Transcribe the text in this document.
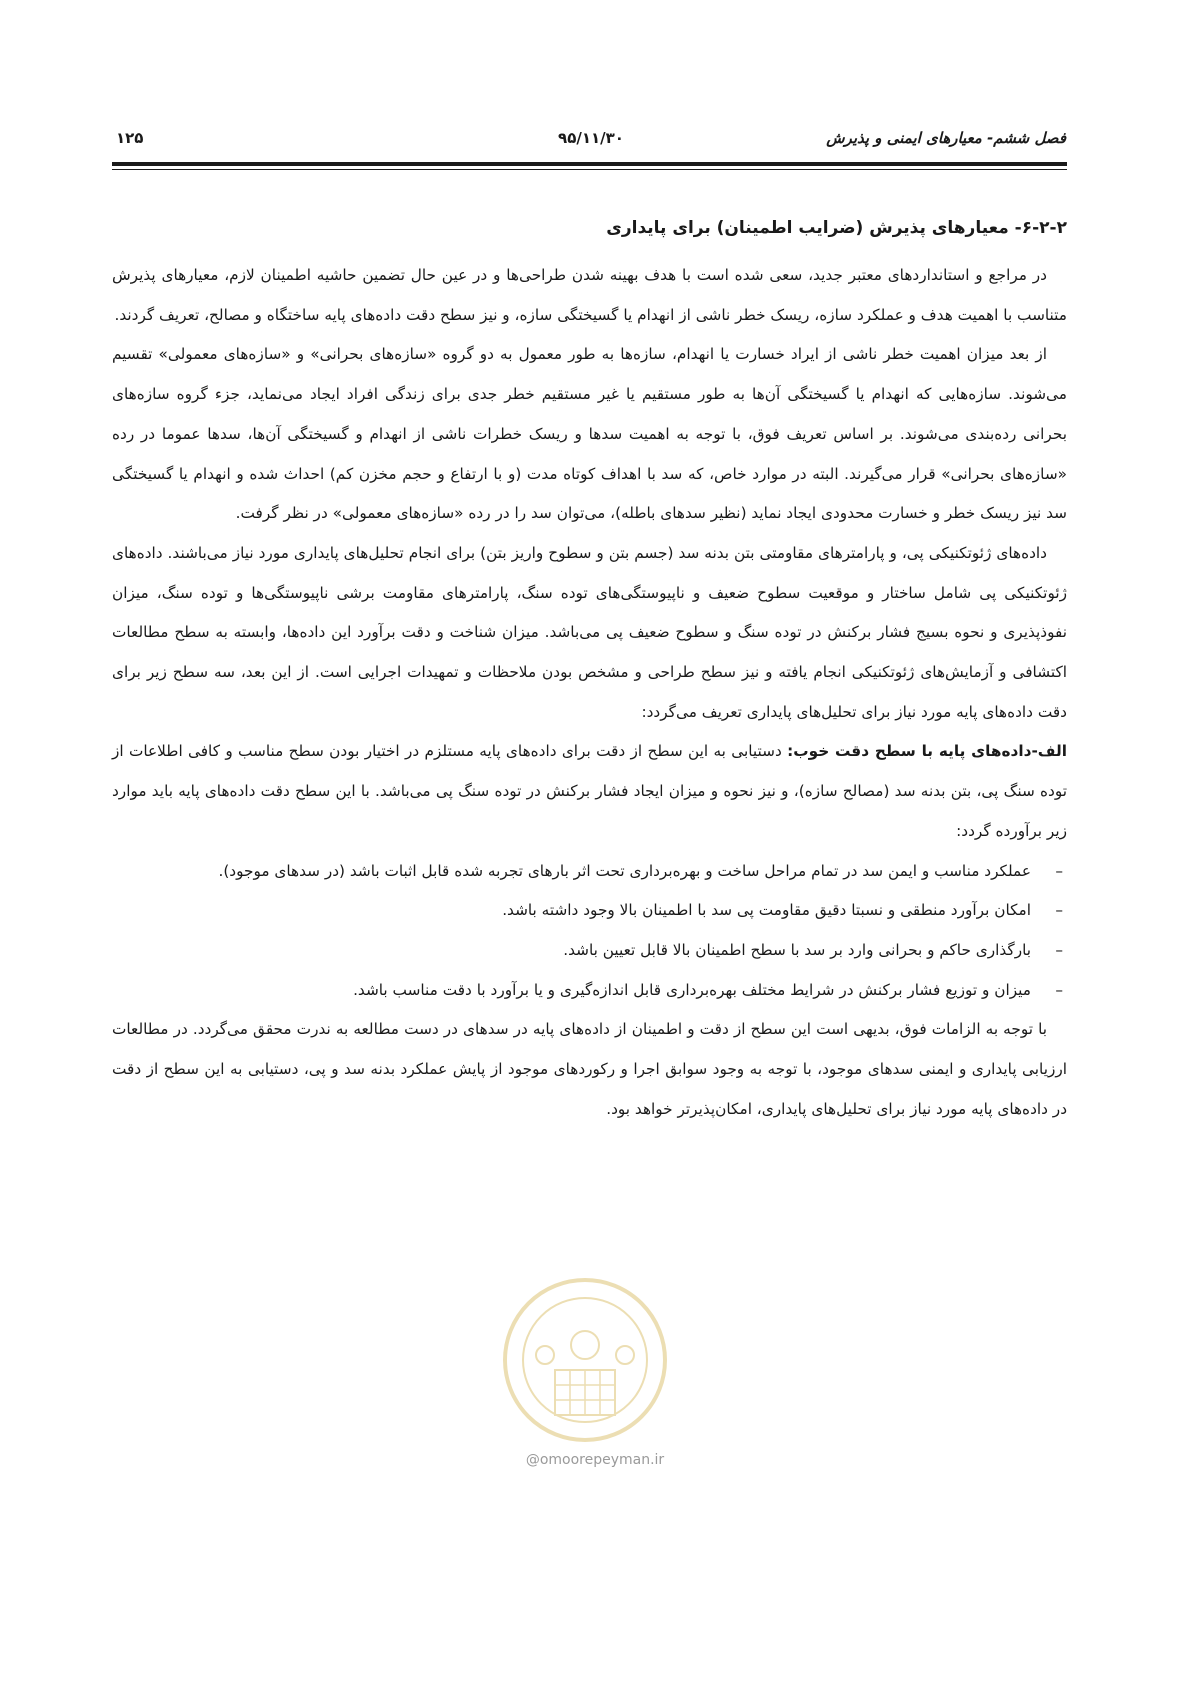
فصل ششم- معیارهای ایمنی و پذیرش
۹۵/۱۱/۳۰
۱۲۵
۶-۲-۲- معیارهای پذیرش (ضرایب اطمینان) برای پایداری

در مراجع و استانداردهای معتبر جدید، سعی شده است با هدف بهینه شدن طراحی‌ها و در عین حال تضمین حاشیه اطمینان لازم، معیارهای پذیرش متناسب با اهمیت هدف و عملکرد سازه، ریسک خطر ناشی از انهدام یا گسیختگی سازه، و نیز سطح دقت داده‌های پایه ساختگاه و مصالح، تعریف گردند.

از بعد میزان اهمیت خطر ناشی از ایراد خسارت یا انهدام، سازه‌ها به طور معمول به دو گروه «سازه‌های بحرانی» و «سازه‌های معمولی» تقسیم می‌شوند. سازه‌هایی که انهدام یا گسیختگی آن‌ها به طور مستقیم یا غیر مستقیم خطر جدی برای زندگی افراد ایجاد می‌نماید، جزء گروه سازه‌های بحرانی رده‌بندی می‌شوند. بر اساس تعریف فوق، با توجه به اهمیت سدها و ریسک خطرات ناشی از انهدام و گسیختگی آن‌ها، سدها عموما در رده «سازه‌های بحرانی» قرار می‌گیرند. البته در موارد خاص، که سد با اهداف کوتاه مدت (و با ارتفاع و حجم مخزن کم) احداث شده و انهدام یا گسیختگی سد نیز ریسک خطر و خسارت محدودی ایجاد نماید (نظیر سدهای باطله)، می‌توان سد را در رده «سازه‌های معمولی» در نظر گرفت.

داده‌های ژئوتکنیکی پی، و پارامترهای مقاومتی بتن بدنه سد (جسم بتن و سطوح واریز بتن) برای انجام تحلیل‌های پایداری مورد نیاز می‌باشند. داده‌های ژئوتکنیکی پی شامل ساختار و موقعیت سطوح ضعیف و ناپیوستگی‌های توده سنگ، پارامترهای مقاومت برشی ناپیوستگی‌ها و توده سنگ، میزان نفوذپذیری و نحوه بسیج فشار برکنش در توده سنگ و سطوح ضعیف پی می‌باشد. میزان شناخت و دقت برآورد این داده‌ها، وابسته به سطح مطالعات اکتشافی و آزمایش‌های ژئوتکنیکی انجام یافته و نیز سطح طراحی و مشخص بودن ملاحظات و تمهیدات اجرایی است. از این بعد، سه سطح زیر برای دقت داده‌های پایه مورد نیاز برای تحلیل‌های پایداری تعریف می‌گردد:

الف-داده‌های پایه با سطح دقت خوب: دستیابی به این سطح از دقت برای داده‌های پایه مستلزم در اختیار بودن سطح مناسب و کافی اطلاعات از توده سنگ پی، بتن بدنه سد (مصالح سازه)، و نیز نحوه و میزان ایجاد فشار برکنش در توده سنگ پی می‌باشد. با این سطح دقت داده‌های پایه باید موارد زیر برآورده گردد:

–
عملکرد مناسب و ایمن سد در تمام مراحل ساخت و بهره‌برداری تحت اثر بارهای تجربه شده قابل اثبات باشد (در سدهای موجود).
–
امکان برآورد منطقی و نسبتا دقیق مقاومت پی سد با اطمینان بالا وجود داشته باشد.
–
بارگذاری حاکم و بحرانی وارد بر سد با سطح اطمینان بالا قابل تعیین باشد.
–
میزان و توزیع فشار برکنش در شرایط مختلف بهره‌برداری قابل اندازه‌گیری و یا برآورد با دقت مناسب باشد.

با توجه به الزامات فوق، بدیهی است این سطح از دقت و اطمینان از داده‌های پایه در سدهای در دست مطالعه به ندرت محقق می‌گردد. در مطالعات ارزیابی پایداری و ایمنی سدهای موجود، با توجه به وجود سوابق اجرا و رکوردهای موجود از پایش عملکرد بدنه سد و پی، دستیابی به این سطح از دقت در داده‌های پایه مورد نیاز برای تحلیل‌های پایداری، امکان‌پذیرتر خواهد بود.

@omoorepeyman.ir
